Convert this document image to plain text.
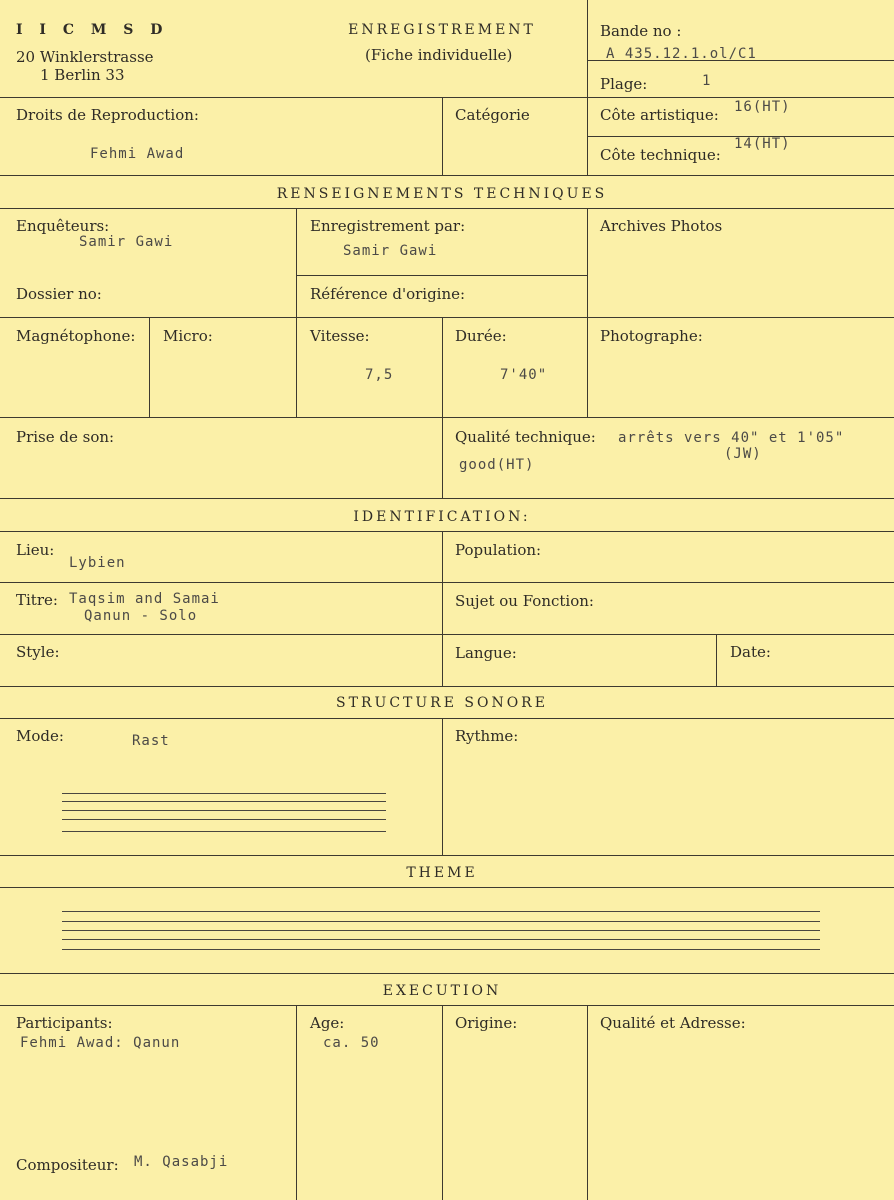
I I C M S D
20 Winklerstrasse
1 Berlin 33
ENREGISTREMENT
(Fiche individuelle)
Bande no :
A 435.12.1.ol/C1
Plage:	1
Droits de Reproduction:
Fehmi Awad
Catégorie	Côte artistique: 16(HT)
Côte technique:
14(HT)
RENSEIGNEMENTS TECHNIQUES
Enquêteurs:
Samir Gawi
Enregistrement par:
Samir Gawi
Archives Photos
Dossier no:	Référence d'origine:
Magnétophone: Micro:	Vitesse:
7,5
Durée:
7'40"
Photographe:
Prise de son:	Qualité technique: arrêts vers 40" et 1'05"
(JW)
good(HT)
IDENTIFICATION:
Lieu:
Lybien
Population:
Titre: Taqsim and Samai
Qanun - Solo
Sujet ou Fonction:
Style:	Langue:	Date:
STRUCTURE SONORE
Mode:	Rast	Rythme:
THEME
EXECUTION
Participants:
Fehmi Awad: Qanun
Age:
ca. 50
Origine:	Qualité et Adresse:
Compositeur: M. Qasabji
